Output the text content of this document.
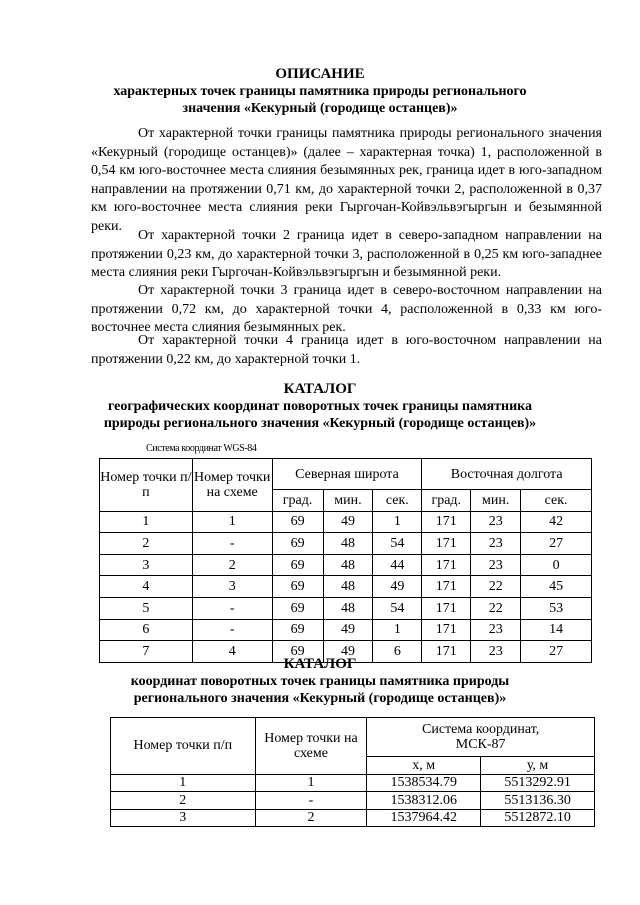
ОПИСАНИЕ
характерных точек границы памятника природы регионального
значения «Кекурный (городище останцев)»

От характерной точки границы памятника природы регионального значения «Кекурный (городище останцев)» (далее – характерная точка) 1, расположенной в 0,54 км юго-восточнее места слияния безымянных рек, граница идет в юго-западном направлении на протяжении 0,71 км, до характерной точки 2, расположенной в 0,37 км юго-восточнее места слияния реки Гыргочан-Койвэльвэгыргын и безымянной реки.

От характерной точки 2 граница идет в северо-западном направлении на протяжении 0,23 км, до характерной точки 3, расположенной в 0,25 км юго-западнее места слияния реки Гыргочан-Койвэльвэгыргын и безымянной реки.

От характерной точки 3 граница идет в северо-восточном направлении на протяжении 0,72 км, до характерной точки 4, расположенной в 0,33 км юго-восточнее места слияния безымянных рек.

От характерной точки 4 граница идет в юго-восточном направлении на протяжении 0,22 км, до характерной точки 1.

КАТАЛОГ
географических координат поворотных точек границы памятника
природы регионального значения «Кекурный (городище останцев)»
Система координат WGS-84
Номер точки п/п	Номер точки на схеме	Северная широта			Восточная долгота		
		град.	мин.	сек.	град.	мин.	сек.
1	1	69	49	1	171	23	42
2	-	69	48	54	171	23	27
3	2	69	48	44	171	23	0
4	3	69	48	49	171	22	45
5	-	69	48	54	171	22	53
6	-	69	49	1	171	23	14
7	4	69	49	6	171	23	27
КАТАЛОГ
координат поворотных точек границы памятника природы
регионального значения «Кекурный (городище останцев)»
Номер точки п/п	Номер точки на схеме	Система координат, МСК-87	
		х, м	у, м
1	1	1538534.79	5513292.91
2	-	1538312.06	5513136.30
3	2	1537964.42	5512872.10
